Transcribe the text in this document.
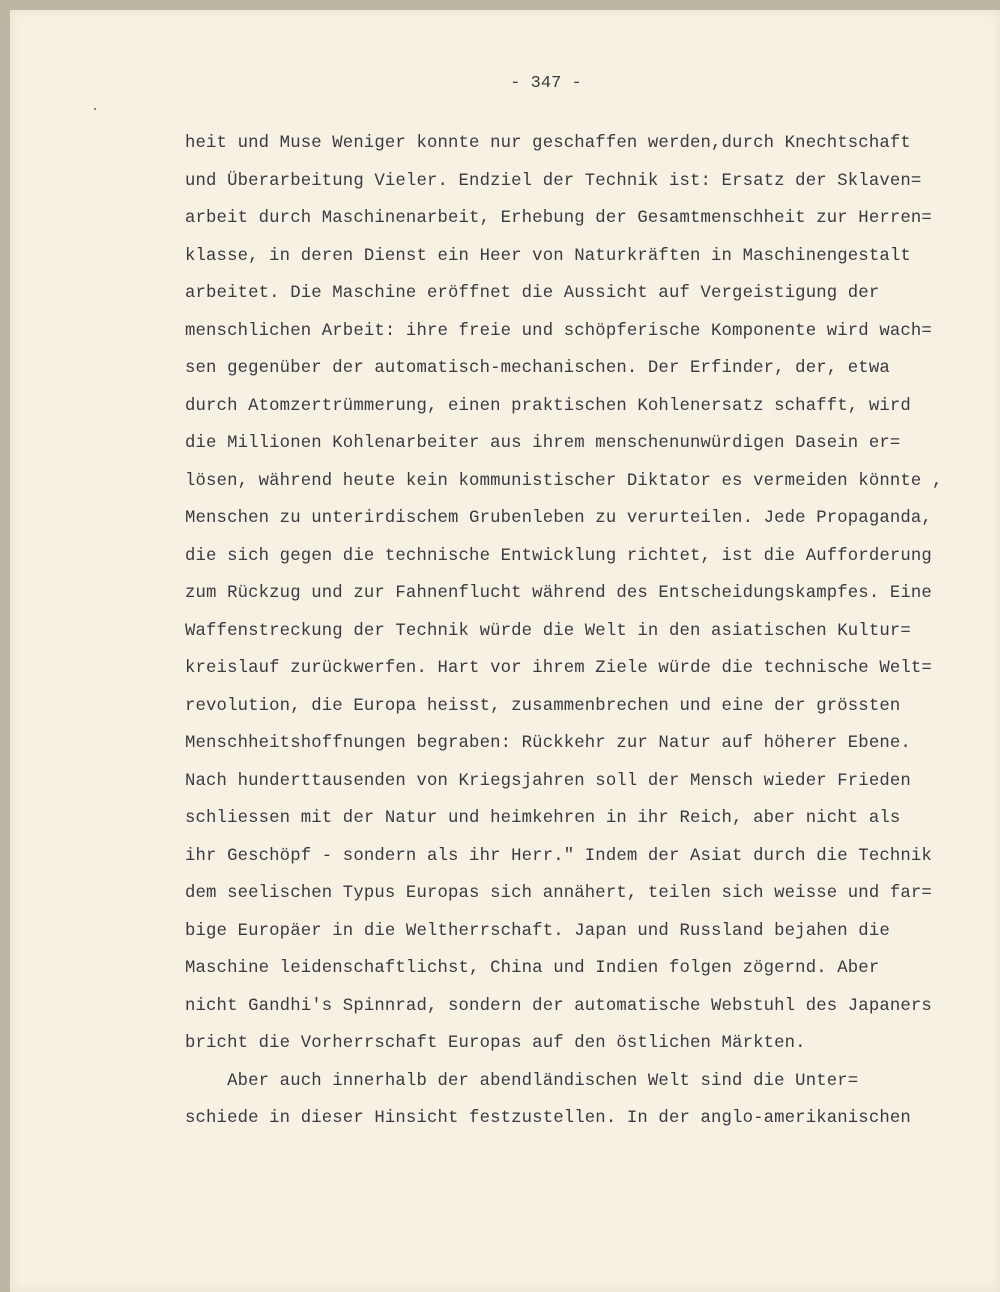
- 347 -
heit und Muse Weniger konnte nur geschaffen werden,durch Knechtschaft
und Überarbeitung Vieler. Endziel der Technik ist: Ersatz der Sklaven=
arbeit durch Maschinenarbeit, Erhebung der Gesamtmenschheit zur Herren=
klasse, in deren Dienst ein Heer von Naturkräften in Maschinengestalt
arbeitet. Die Maschine eröffnet die Aussicht auf Vergeistigung der
menschlichen Arbeit: ihre freie und schöpferische Komponente wird wach=
sen gegenüber der automatisch-mechanischen. Der Erfinder, der, etwa
durch Atomzertrümmerung, einen praktischen Kohlenersatz schafft, wird
die Millionen Kohlenarbeiter aus ihrem menschenunwürdigen Dasein er=
lösen, während heute kein kommunistischer Diktator es vermeiden könnte ,
Menschen zu unterirdischem Grubenleben zu verurteilen. Jede Propaganda,
die sich gegen die technische Entwicklung richtet, ist die Aufforderung
zum Rückzug und zur Fahnenflucht während des Entscheidungskampfes. Eine
Waffenstreckung der Technik würde die Welt in den asiatischen Kultur=
kreislauf zurückwerfen. Hart vor ihrem Ziele würde die technische Welt=
revolution, die Europa heisst, zusammenbrechen und eine der grössten
Menschheitshoffnungen begraben: Rückkehr zur Natur auf höherer Ebene.
Nach hunderttausenden von Kriegsjahren soll der Mensch wieder Frieden
schliessen mit der Natur und heimkehren in ihr Reich, aber nicht als
ihr Geschöpf - sondern als ihr Herr." Indem der Asiat durch die Technik
dem seelischen Typus Europas sich annähert, teilen sich weisse und far=
bige Europäer in die Weltherrschaft. Japan und Russland bejahen die
Maschine leidenschaftlichst, China und Indien folgen zögernd. Aber
nicht Gandhi's Spinnrad, sondern der automatische Webstuhl des Japaners
bricht die Vorherrschaft Europas auf den östlichen Märkten.
Aber auch innerhalb der abendländischen Welt sind die Unter=
schiede in dieser Hinsicht festzustellen. In der anglo-amerikanischen
